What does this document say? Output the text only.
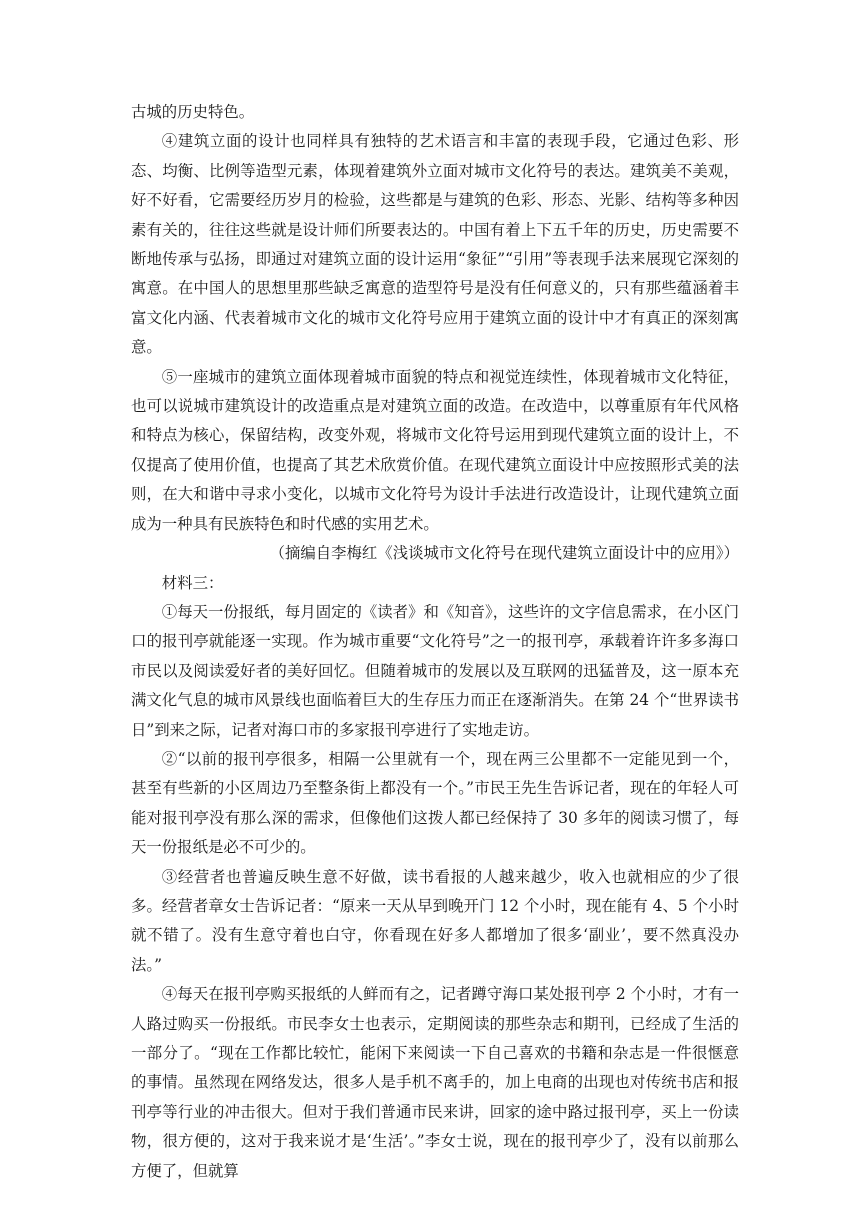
古城的历史特色。

④建筑立面的设计也同样具有独特的艺术语言和丰富的表现手段，它通过色彩、形态、均衡、比例等造型元素，体现着建筑外立面对城市文化符号的表达。建筑美不美观，好不好看，它需要经历岁月的检验，这些都是与建筑的色彩、形态、光影、结构等多种因素有关的，往往这些就是设计师们所要表达的。中国有着上下五千年的历史，历史需要不断地传承与弘扬，即通过对建筑立面的设计运用“象征”“引用”等表现手法来展现它深刻的寓意。在中国人的思想里那些缺乏寓意的造型符号是没有任何意义的，只有那些蕴涵着丰富文化内涵、代表着城市文化的城市文化符号应用于建筑立面的设计中才有真正的深刻寓意。

⑤一座城市的建筑立面体现着城市面貌的特点和视觉连续性，体现着城市文化特征，也可以说城市建筑设计的改造重点是对建筑立面的改造。在改造中，以尊重原有年代风格和特点为核心，保留结构，改变外观，将城市文化符号运用到现代建筑立面的设计上，不仅提高了使用价值，也提高了其艺术欣赏价值。在现代建筑立面设计中应按照形式美的法则，在大和谐中寻求小变化，以城市文化符号为设计手法进行改造设计，让现代建筑立面成为一种具有民族特色和时代感的实用艺术。

（摘编自李梅红《浅谈城市文化符号在现代建筑立面设计中的应用》）

材料三：

①每天一份报纸，每月固定的《读者》和《知音》，这些许的文字信息需求，在小区门口的报刊亭就能逐一实现。作为城市重要“文化符号”之一的报刊亭，承载着许许多多海口市民以及阅读爱好者的美好回忆。但随着城市的发展以及互联网的迅猛普及，这一原本充满文化气息的城市风景线也面临着巨大的生存压力而正在逐渐消失。在第 24 个“世界读书日”到来之际，记者对海口市的多家报刊亭进行了实地走访。

②“以前的报刊亭很多，相隔一公里就有一个，现在两三公里都不一定能见到一个，甚至有些新的小区周边乃至整条街上都没有一个。”市民王先生告诉记者，现在的年轻人可能对报刊亭没有那么深的需求，但像他们这拨人都已经保持了 30 多年的阅读习惯了，每天一份报纸是必不可少的。

③经营者也普遍反映生意不好做，读书看报的人越来越少，收入也就相应的少了很多。经营者章女士告诉记者：“原来一天从早到晚开门 12 个小时，现在能有 4、5 个小时就不错了。没有生意守着也白守，你看现在好多人都增加了很多‘副业’，要不然真没办法。”

④每天在报刊亭购买报纸的人鲜而有之，记者蹲守海口某处报刊亭 2 个小时，才有一人路过购买一份报纸。市民李女士也表示，定期阅读的那些杂志和期刊，已经成了生活的一部分了。“现在工作都比较忙，能闲下来阅读一下自己喜欢的书籍和杂志是一件很惬意的事情。虽然现在网络发达，很多人是手机不离手的，加上电商的出现也对传统书店和报刊亭等行业的冲击很大。但对于我们普通市民来讲，回家的途中路过报刊亭，买上一份读物，很方便的，这对于我来说才是‘生活’。”李女士说，现在的报刊亭少了，没有以前那么方便了，但就算
